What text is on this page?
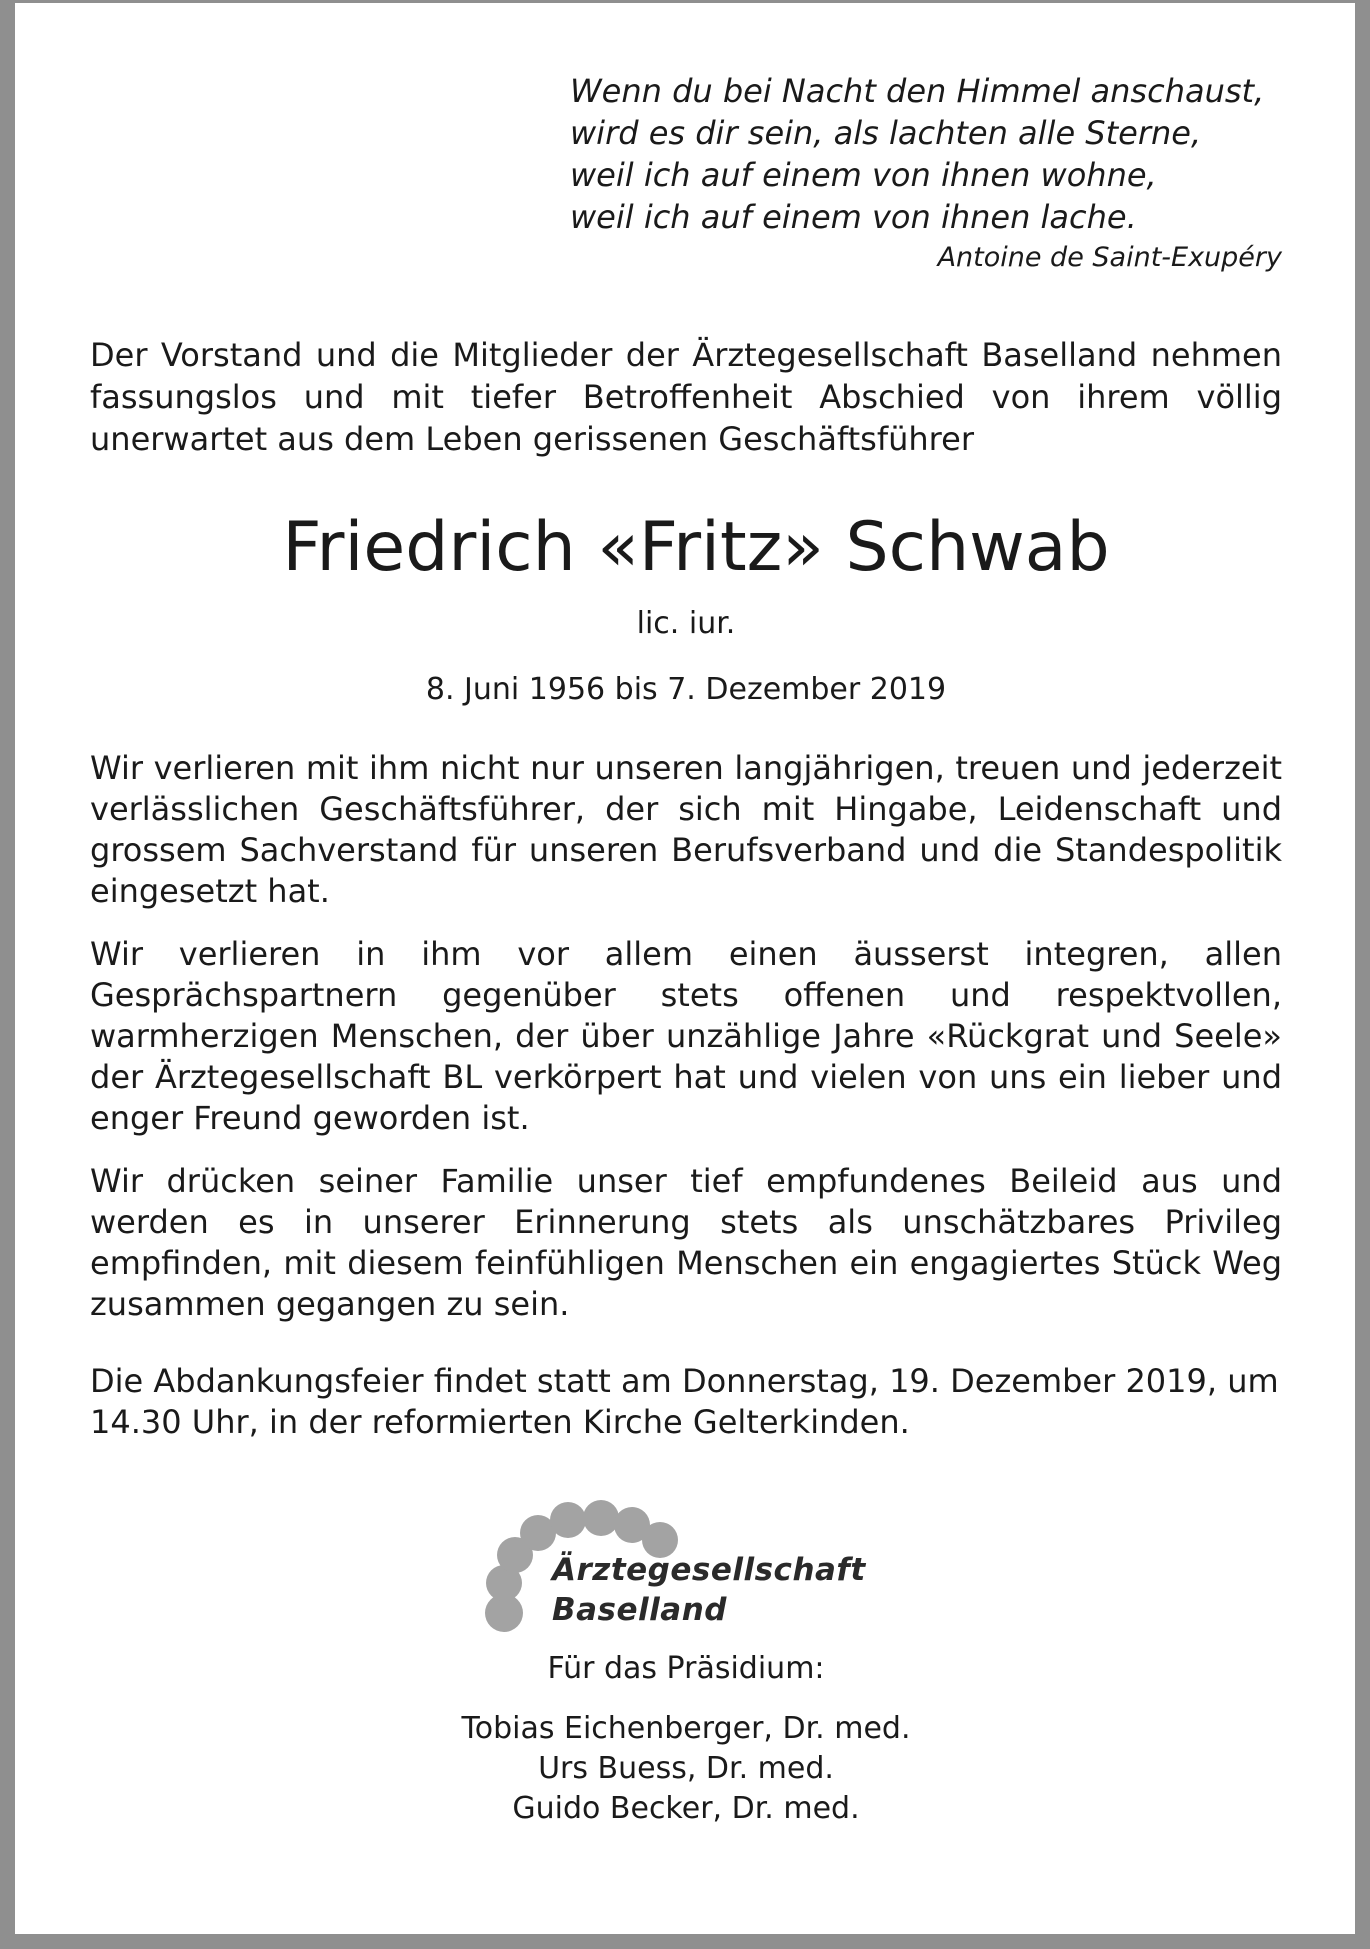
Wenn du bei Nacht den Himmel anschaust,
wird es dir sein, als lachten alle Sterne,
weil ich auf einem von ihnen wohne,
weil ich auf einem von ihnen lache.
Antoine de Saint-Exupéry
Der Vorstand und die Mitglieder der Ärztegesellschaft Baselland nehmen fassungslos und mit tiefer Betroffenheit Abschied von ihrem völlig unerwartet aus dem Leben gerissenen Geschäftsführer
Friedrich «Fritz» Schwab
lic. iur.
8. Juni 1956 bis 7. Dezember 2019
Wir verlieren mit ihm nicht nur unseren langjährigen, treuen und jederzeit verlässlichen Geschäftsführer, der sich mit Hingabe, Leidenschaft und grossem Sachverstand für unseren Berufsverband und die Standespolitik eingesetzt hat.
Wir verlieren in ihm vor allem einen äusserst integren, allen Gesprächspartnern gegenüber stets offenen und respektvollen, warmherzigen Menschen, der über unzählige Jahre «Rückgrat und Seele» der Ärztegesellschaft BL verkörpert hat und vielen von uns ein lieber und enger Freund geworden ist.
Wir drücken seiner Familie unser tief empfundenes Beileid aus und werden es in unserer Erinnerung stets als unschätzbares Privileg empfinden, mit diesem feinfühligen Menschen ein engagiertes Stück Weg zusammen gegangen zu sein.
Die Abdankungsfeier findet statt am Donnerstag, 19. Dezember 2019, um 14.30 Uhr, in der reformierten Kirche Gelterkinden.
Ärztegesellschaft
Baselland
Für das Präsidium:
Tobias Eichenberger, Dr. med.
Urs Buess, Dr. med.
Guido Becker, Dr. med.
